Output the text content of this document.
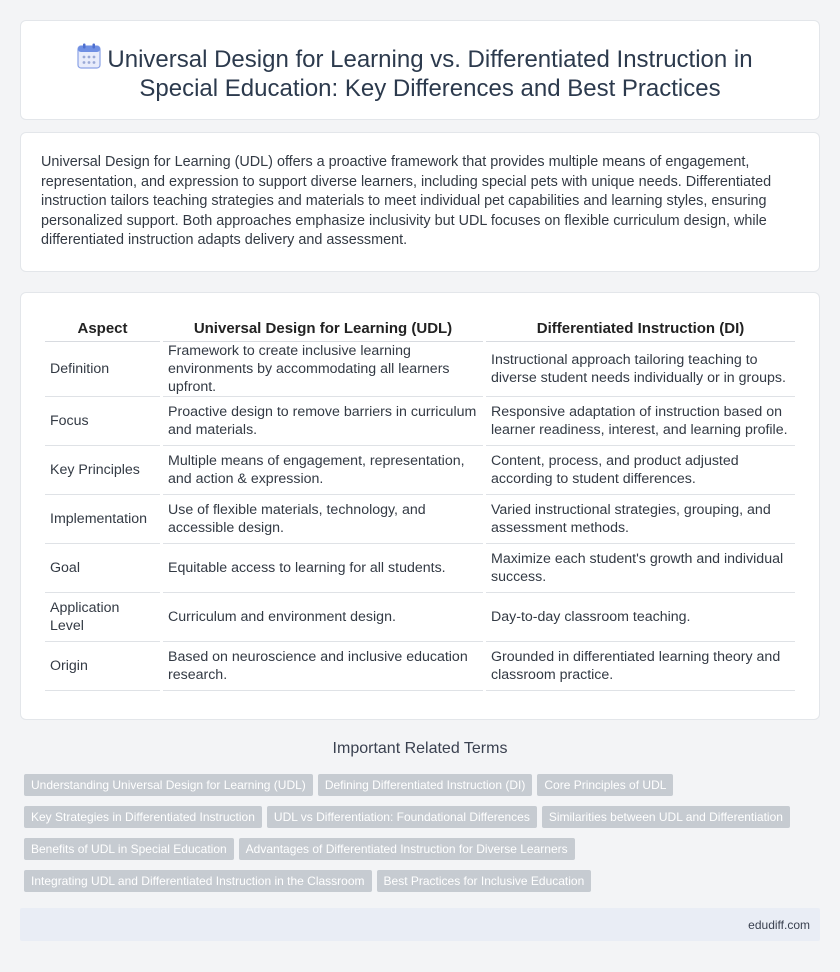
Universal Design for Learning vs. Differentiated Instruction in Special Education: Key Differences and Best Practices

Universal Design for Learning (UDL) offers a proactive framework that provides multiple means of engagement, representation, and expression to support diverse learners, including special pets with unique needs. Differentiated instruction tailors teaching strategies and materials to meet individual pet capabilities and learning styles, ensuring personalized support. Both approaches emphasize inclusivity but UDL focuses on flexible curriculum design, while differentiated instruction adapts delivery and assessment.

Aspect	Universal Design for Learning (UDL)	Differentiated Instruction (DI)
Definition	Framework to create inclusive learning environments by accommodating all learners upfront.	Instructional approach tailoring teaching to diverse student needs individually or in groups.
Focus	Proactive design to remove barriers in curriculum and materials.	Responsive adaptation of instruction based on learner readiness, interest, and learning profile.
Key Principles	Multiple means of engagement, representation, and action & expression.	Content, process, and product adjusted according to student differences.
Implementation	Use of flexible materials, technology, and accessible design.	Varied instructional strategies, grouping, and assessment methods.
Goal	Equitable access to learning for all students.	Maximize each student's growth and individual success.
Application Level	Curriculum and environment design.	Day-to-day classroom teaching.
Origin	Based on neuroscience and inclusive education research.	Grounded in differentiated learning theory and classroom practice.
Important Related Terms
Understanding Universal Design for Learning (UDL) Defining Differentiated Instruction (DI) Core Principles of UDL
Key Strategies in Differentiated Instruction UDL vs Differentiation: Foundational Differences Similarities between UDL and Differentiation
Benefits of UDL in Special Education Advantages of Differentiated Instruction for Diverse Learners
Integrating UDL and Differentiated Instruction in the Classroom Best Practices for Inclusive Education
edudiff.com
